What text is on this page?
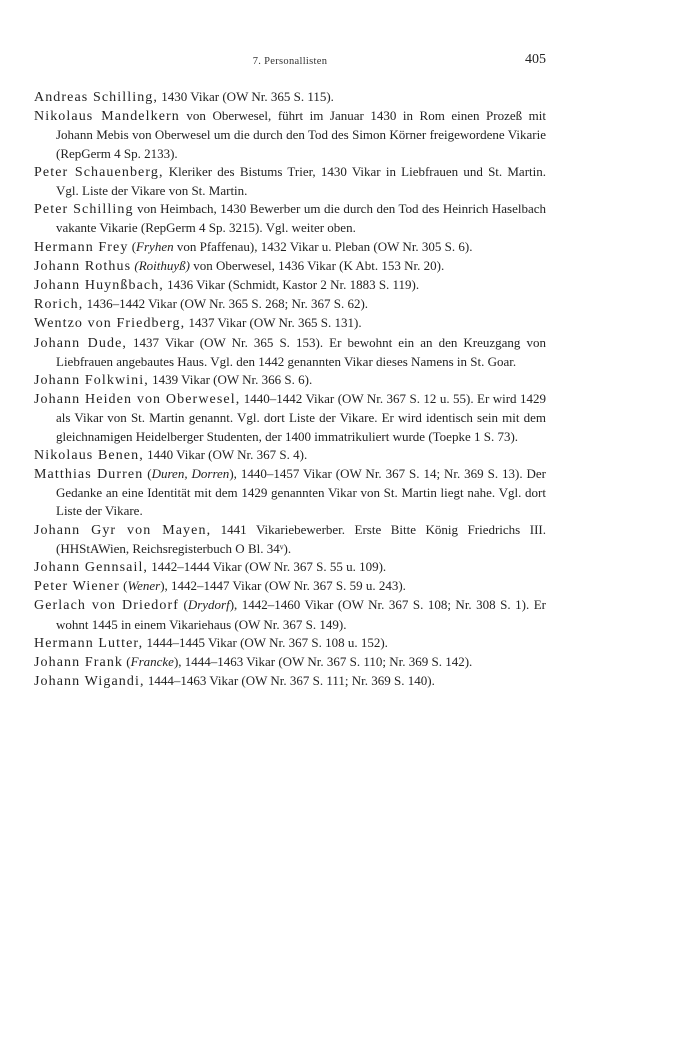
7. Personallisten	405

Andreas Schilling, 1430 Vikar (OW Nr. 365 S. 115).

Nikolaus Mandelkern von Oberwesel, führt im Januar 1430 in Rom einen Prozeß mit Johann Mebis von Oberwesel um die durch den Tod des Simon Körner freigewordene Vikarie (RepGerm 4 Sp. 2133).

Peter Schauenberg, Kleriker des Bistums Trier, 1430 Vikar in Liebfrauen und St. Martin. Vgl. Liste der Vikare von St. Martin.

Peter Schilling von Heimbach, 1430 Bewerber um die durch den Tod des Heinrich Haselbach vakante Vikarie (RepGerm 4 Sp. 3215). Vgl. weiter oben.

Hermann Frey (Fryhen von Pfaffenau), 1432 Vikar u. Pleban (OW Nr. 305 S. 6).

Johann Rothus (Roithuyß) von Oberwesel, 1436 Vikar (K Abt. 153 Nr. 20).

Johann Huynßbach, 1436 Vikar (Schmidt, Kastor 2 Nr. 1883 S. 119).

Rorich, 1436–1442 Vikar (OW Nr. 365 S. 268; Nr. 367 S. 62).

Wentzo von Friedberg, 1437 Vikar (OW Nr. 365 S. 131).

Johann Dude, 1437 Vikar (OW Nr. 365 S. 153). Er bewohnt ein an den Kreuzgang von Liebfrauen angebautes Haus. Vgl. den 1442 genannten Vikar dieses Namens in St. Goar.

Johann Folkwini, 1439 Vikar (OW Nr. 366 S. 6).

Johann Heiden von Oberwesel, 1440–1442 Vikar (OW Nr. 367 S. 12 u. 55). Er wird 1429 als Vikar von St. Martin genannt. Vgl. dort Liste der Vikare. Er wird identisch sein mit dem gleichnamigen Heidelberger Studenten, der 1400 immatrikuliert wurde (Toepke 1 S. 73).

Nikolaus Benen, 1440 Vikar (OW Nr. 367 S. 4).

Matthias Durren (Duren, Dorren), 1440–1457 Vikar (OW Nr. 367 S. 14; Nr. 369 S. 13). Der Gedanke an eine Identität mit dem 1429 genannten Vikar von St. Martin liegt nahe. Vgl. dort Liste der Vikare.

Johann Gyr von Mayen, 1441 Vikariebewerber. Erste Bitte König Friedrichs III. (HHStAWien, Reichsregisterbuch O Bl. 34ᵛ).

Johann Gennsail, 1442–1444 Vikar (OW Nr. 367 S. 55 u. 109).

Peter Wiener (Wener), 1442–1447 Vikar (OW Nr. 367 S. 59 u. 243).

Gerlach von Driedorf (Drydorf), 1442–1460 Vikar (OW Nr. 367 S. 108; Nr. 308 S. 1). Er wohnt 1445 in einem Vikariehaus (OW Nr. 367 S. 149).

Hermann Lutter, 1444–1445 Vikar (OW Nr. 367 S. 108 u. 152).

Johann Frank (Francke), 1444–1463 Vikar (OW Nr. 367 S. 110; Nr. 369 S. 142).

Johann Wigandi, 1444–1463 Vikar (OW Nr. 367 S. 111; Nr. 369 S. 140).
